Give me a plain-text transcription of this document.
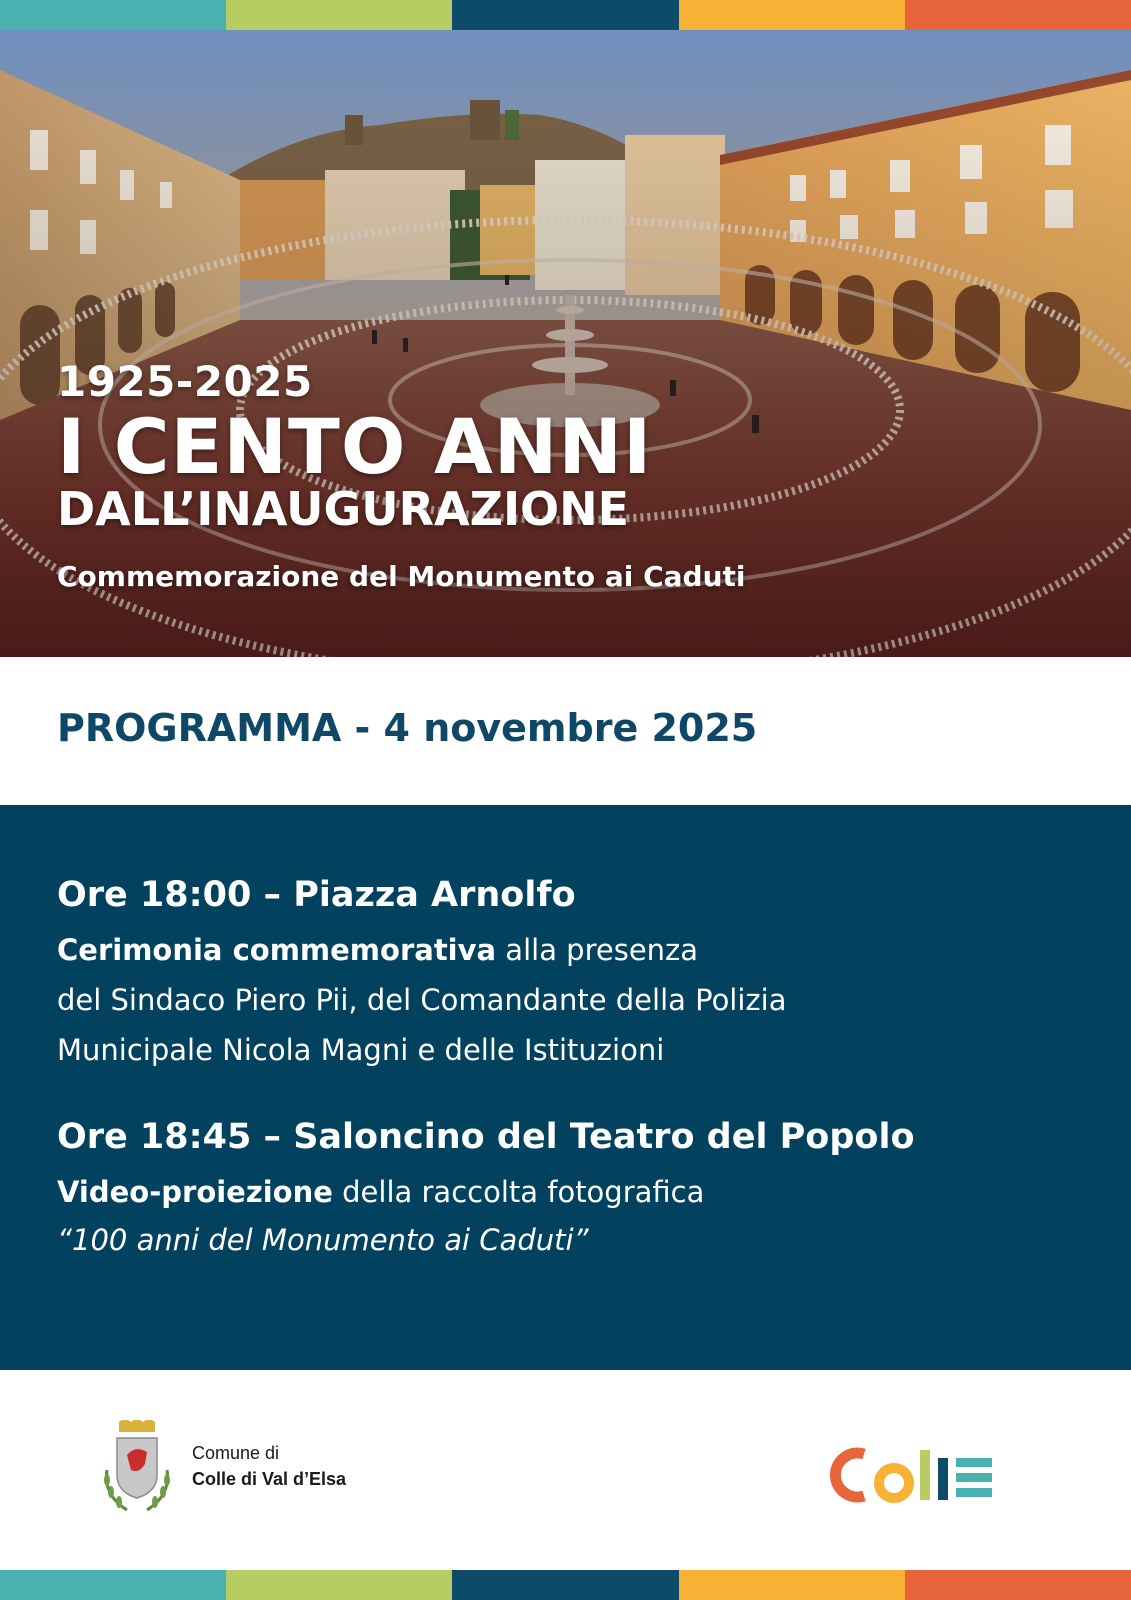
1925-2025
I CENTO ANNI
DALL’INAUGURAZIONE
Commemorazione del Monumento ai Caduti
PROGRAMMA - 4 novembre 2025
Ore 18:00 – Piazza Arnolfo
Cerimonia commemorativa alla presenza
del Sindaco Piero Pii, del Comandante della Polizia
Municipale Nicola Magni e delle Istituzioni
Ore 18:45 – Saloncino del Teatro del Popolo
Video-proiezione della raccolta fotografica
“100 anni del Monumento ai Caduti”
Comune di
Colle di Val d’Elsa
